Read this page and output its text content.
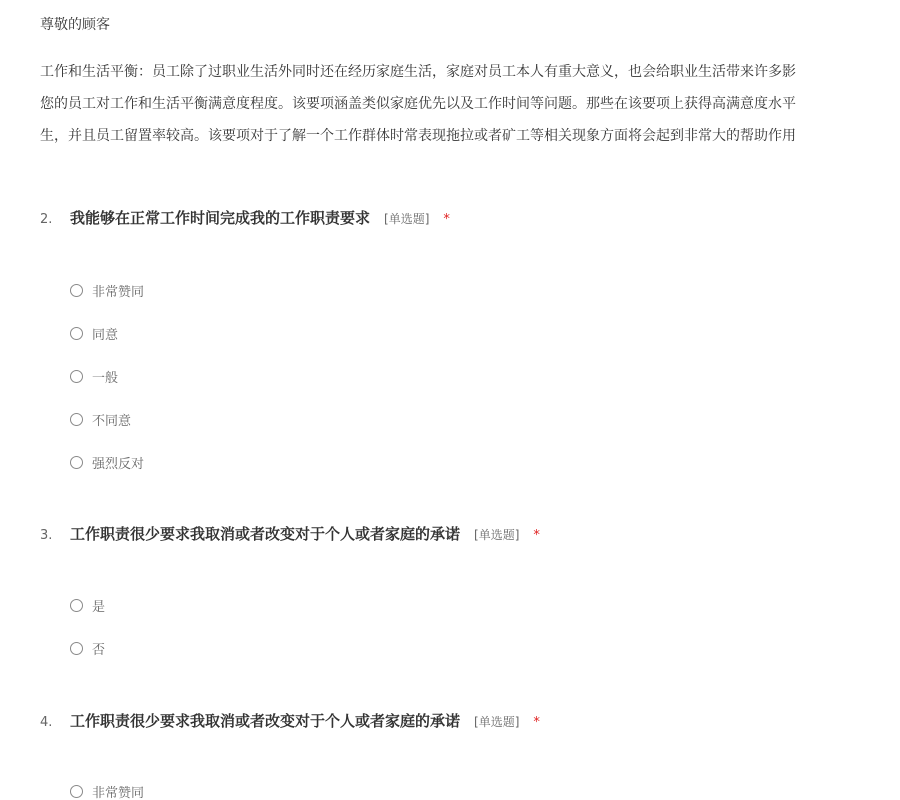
尊敬的顾客
工作和生活平衡：员工除了过职业生活外同时还在经历家庭生活，家庭对员工本人有重大意义，也会给职业生活带来许多影
您的员工对工作和生活平衡满意度程度。该要项涵盖类似家庭优先以及工作时间等问题。那些在该要项上获得高满意度水平
生，并且员工留置率较高。该要项对于了解一个工作群体时常表现拖拉或者矿工等相关现象方面将会起到非常大的帮助作用
2.	我能够在正常工作时间完成我的工作职责要求 [单选题] *
非常赞同
同意
一般
不同意
强烈反对
3.	工作职责很少要求我取消或者改变对于个人或者家庭的承诺 [单选题] *
是
否
4.	工作职责很少要求我取消或者改变对于个人或者家庭的承诺 [单选题] *
非常赞同
